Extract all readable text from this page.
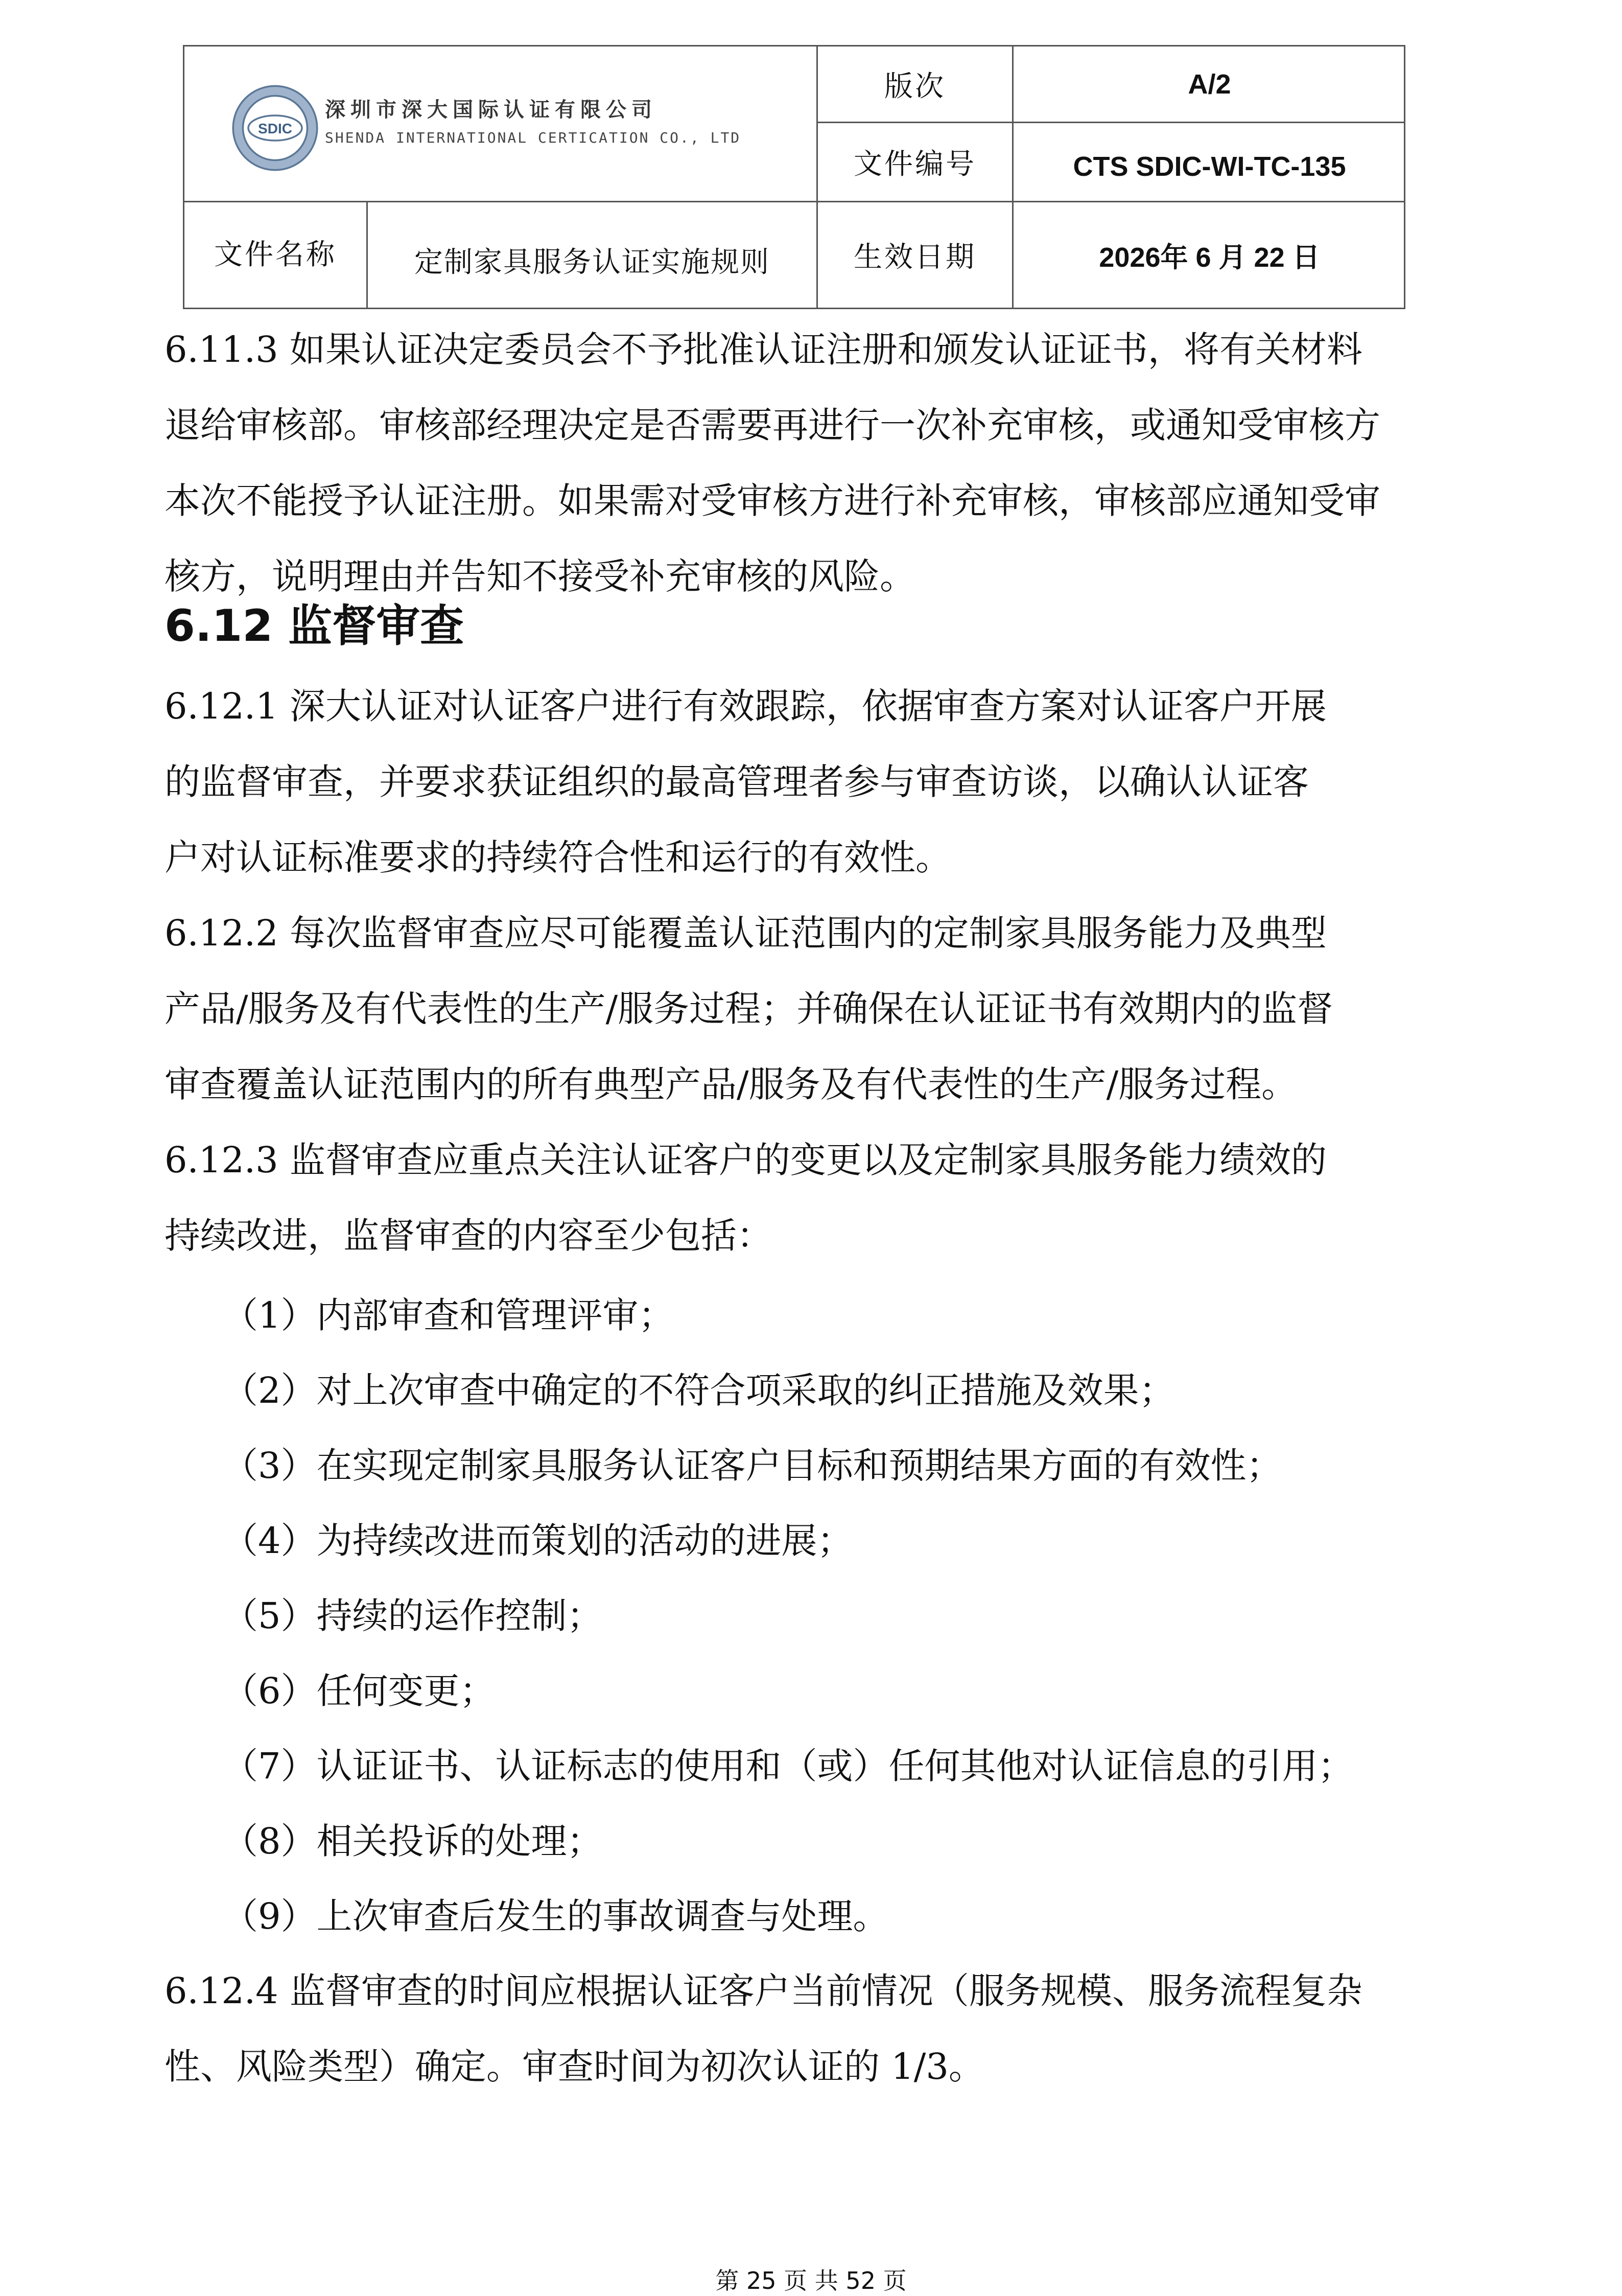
SDIC
深圳市深大国际认证有限公司
SHENDA INTERNATIONAL CERTICATION CO., LTD
版次	A/2
文件编号	CTS SDIC-WI-TC-135
文件名称	定制家具服务认证实施规则	生效日期	2026年 6 月 22 日

6.11.3 如果认证决定委员会不予批准认证注册和颁发认证证书，将有关材料

退给审核部。审核部经理决定是否需要再进行一次补充审核，或通知受审核方

本次不能授予认证注册。如果需对受审核方进行补充审核，审核部应通知受审

核方，说明理由并告知不接受补充审核的风险。

6.12 监督审查

6.12.1 深大认证对认证客户进行有效跟踪，依据审查方案对认证客户开展

的监督审查，并要求获证组织的最高管理者参与审查访谈，以确认认证客

户对认证标准要求的持续符合性和运行的有效性。

6.12.2 每次监督审查应尽可能覆盖认证范围内的定制家具服务能力及典型

产品/服务及有代表性的生产/服务过程；并确保在认证证书有效期内的监督

审查覆盖认证范围内的所有典型产品/服务及有代表性的生产/服务过程。

6.12.3 监督审查应重点关注认证客户的变更以及定制家具服务能力绩效的

持续改进，监督审查的内容至少包括：

（1）内部审查和管理评审；

（2）对上次审查中确定的不符合项采取的纠正措施及效果；

（3）在实现定制家具服务认证客户目标和预期结果方面的有效性；

（4）为持续改进而策划的活动的进展；

（5）持续的运作控制；

（6）任何变更；

（7）认证证书、认证标志的使用和（或）任何其他对认证信息的引用；

（8）相关投诉的处理；

（9）上次审查后发生的事故调查与处理。

6.12.4 监督审查的时间应根据认证客户当前情况（服务规模、服务流程复杂

性、风险类型）确定。审查时间为初次认证的 1/3。

第 25 页 共 52 页
